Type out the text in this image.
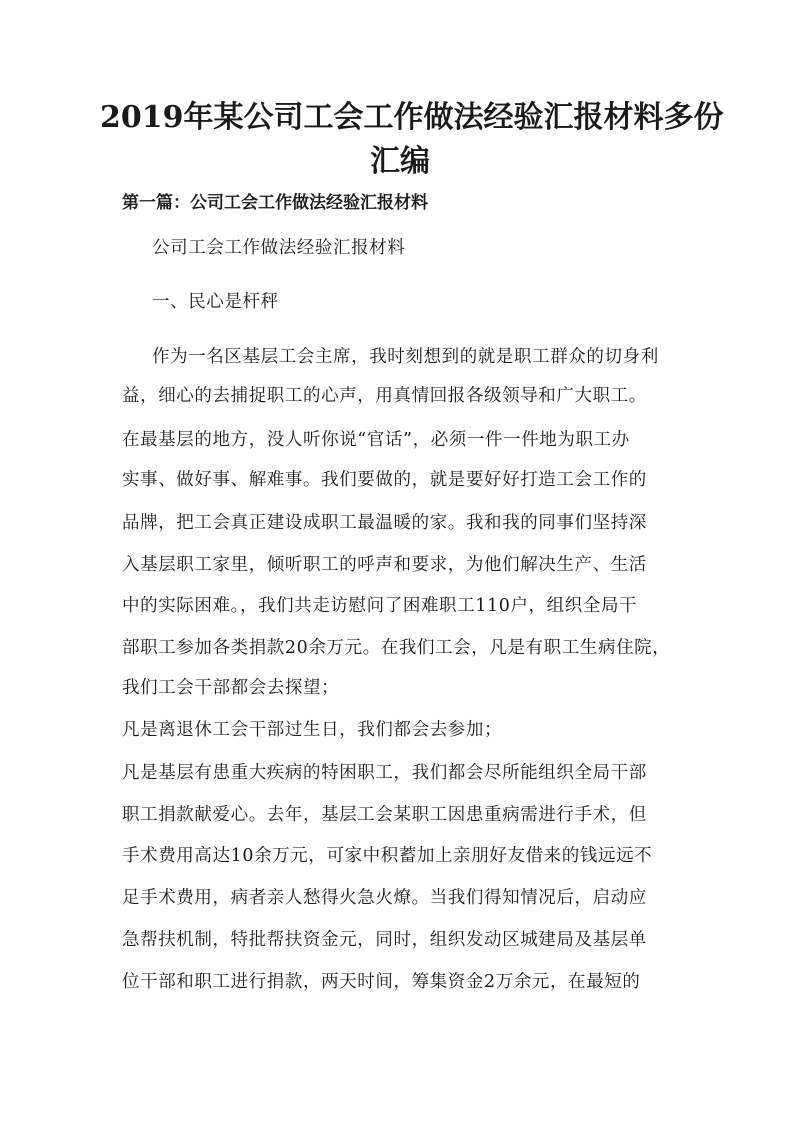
2019年某公司工会工作做法经验汇报材料多份
汇编
第一篇：公司工会工作做法经验汇报材料

公司工会工作做法经验汇报材料

一、民心是杆秤

作为一名区基层工会主席，我时刻想到的就是职工群众的切身利

益，细心的去捕捉职工的心声，用真情回报各级领导和广大职工。

在最基层的地方，没人听你说“官话”，必须一件一件地为职工办

实事、做好事、解难事。我们要做的，就是要好好打造工会工作的

品牌，把工会真正建设成职工最温暖的家。我和我的同事们坚持深

入基层职工家里，倾听职工的呼声和要求，为他们解决生产、生活

中的实际困难。，我们共走访慰问了困难职工110户，组织全局干

部职工参加各类捐款20余万元。在我们工会，凡是有职工生病住院，

我们工会干部都会去探望；

凡是离退休工会干部过生日，我们都会去参加；

凡是基层有患重大疾病的特困职工，我们都会尽所能组织全局干部

职工捐款献爱心。去年，基层工会某职工因患重病需进行手术，但

手术费用高达10余万元，可家中积蓄加上亲朋好友借来的钱远远不

足手术费用，病者亲人愁得火急火燎。当我们得知情况后，启动应

急帮扶机制，特批帮扶资金元，同时，组织发动区城建局及基层单

位干部和职工进行捐款，两天时间，筹集资金2万余元，在最短的
